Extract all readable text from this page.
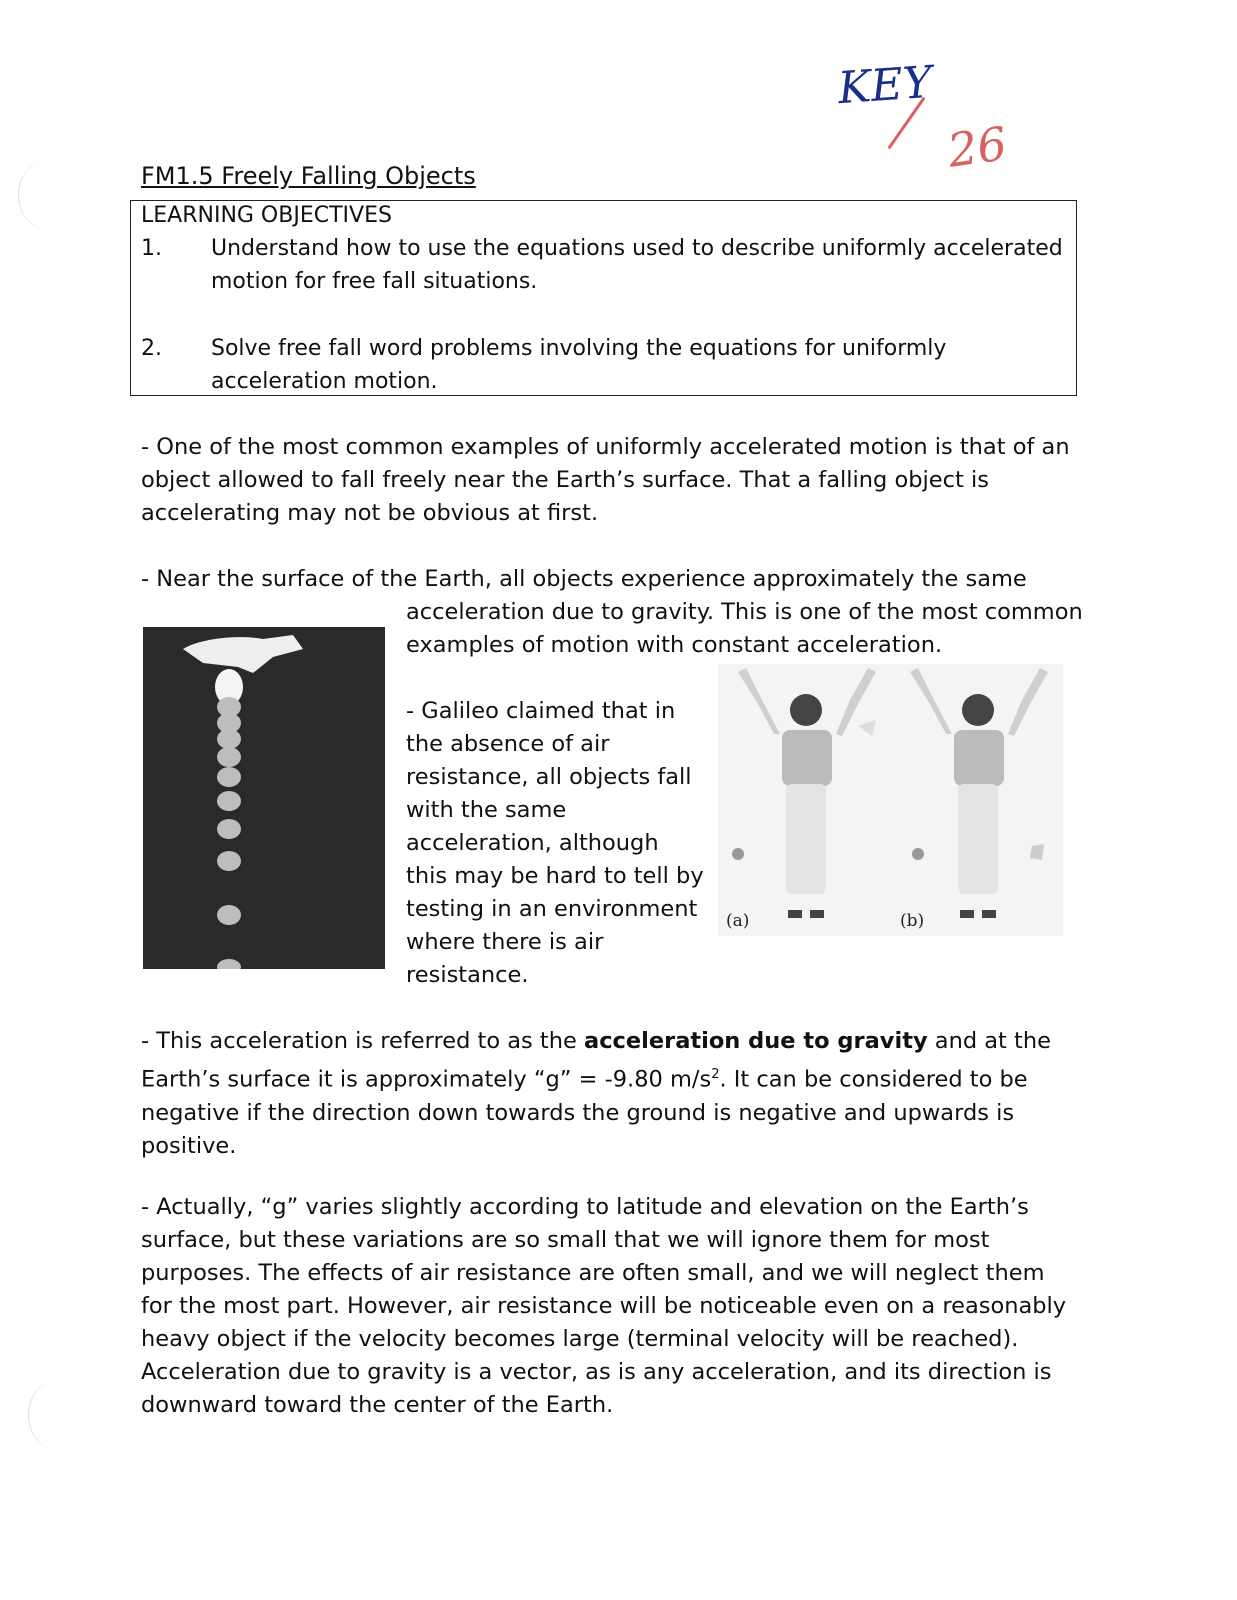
KEY
26
FM1.5 Freely Falling Objects
LEARNING OBJECTIVES
1. Understand how to use the equations used to describe uniformly accelerated motion for free fall situations.
2. Solve free fall word problems involving the equations for uniformly acceleration motion.

- One of the most common examples of uniformly accelerated motion is that of an object allowed to fall freely near the Earth’s surface. That a falling object is accelerating may not be obvious at first.

- Near the surface of the Earth, all objects experience approximately the same

acceleration due to gravity. This is one of the most common examples of motion with constant acceleration.

- Galileo claimed that in the absence of air resistance, all objects fall with the same acceleration, although this may be hard to tell by testing in an environment where there is air resistance.

(a)	(b)

- This acceleration is referred to as the acceleration due to gravity and at the Earth’s surface it is approximately “g” = -9.80 $m/s^2$. It can be considered to be negative if the direction down towards the ground is negative and upwards is positive.

- Actually, “g” varies slightly according to latitude and elevation on the Earth’s surface, but these variations are so small that we will ignore them for most purposes. The effects of air resistance are often small, and we will neglect them for the most part. However, air resistance will be noticeable even on a reasonably heavy object if the velocity becomes large (terminal velocity will be reached). Acceleration due to gravity is a vector, as is any acceleration, and its direction is downward toward the center of the Earth.
